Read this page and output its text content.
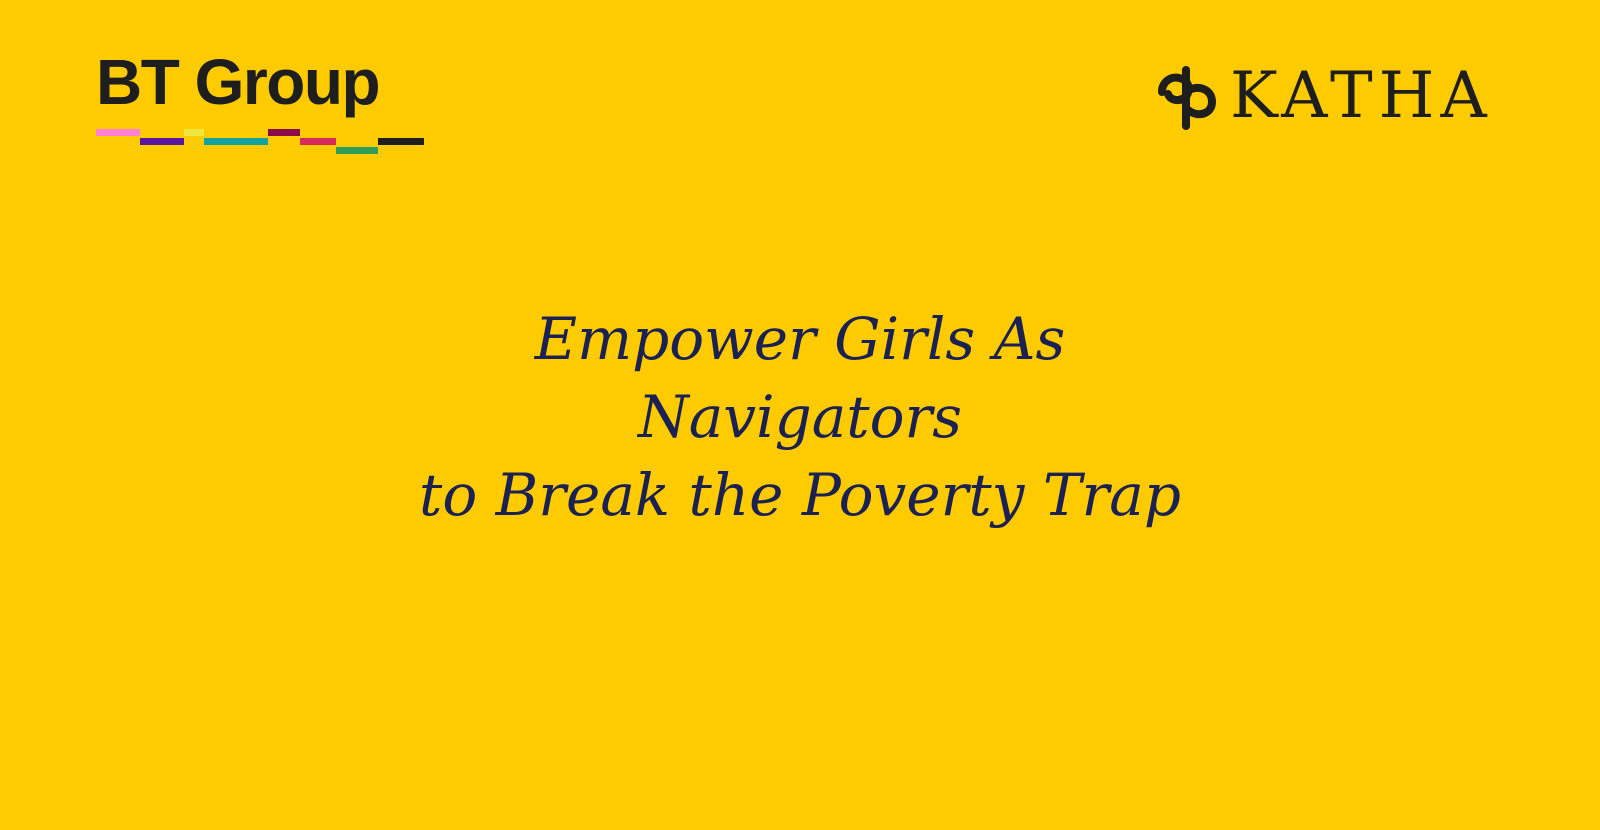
BT Group	KATHA
Empower Girls As
Navigators
to Break the Poverty Trap
